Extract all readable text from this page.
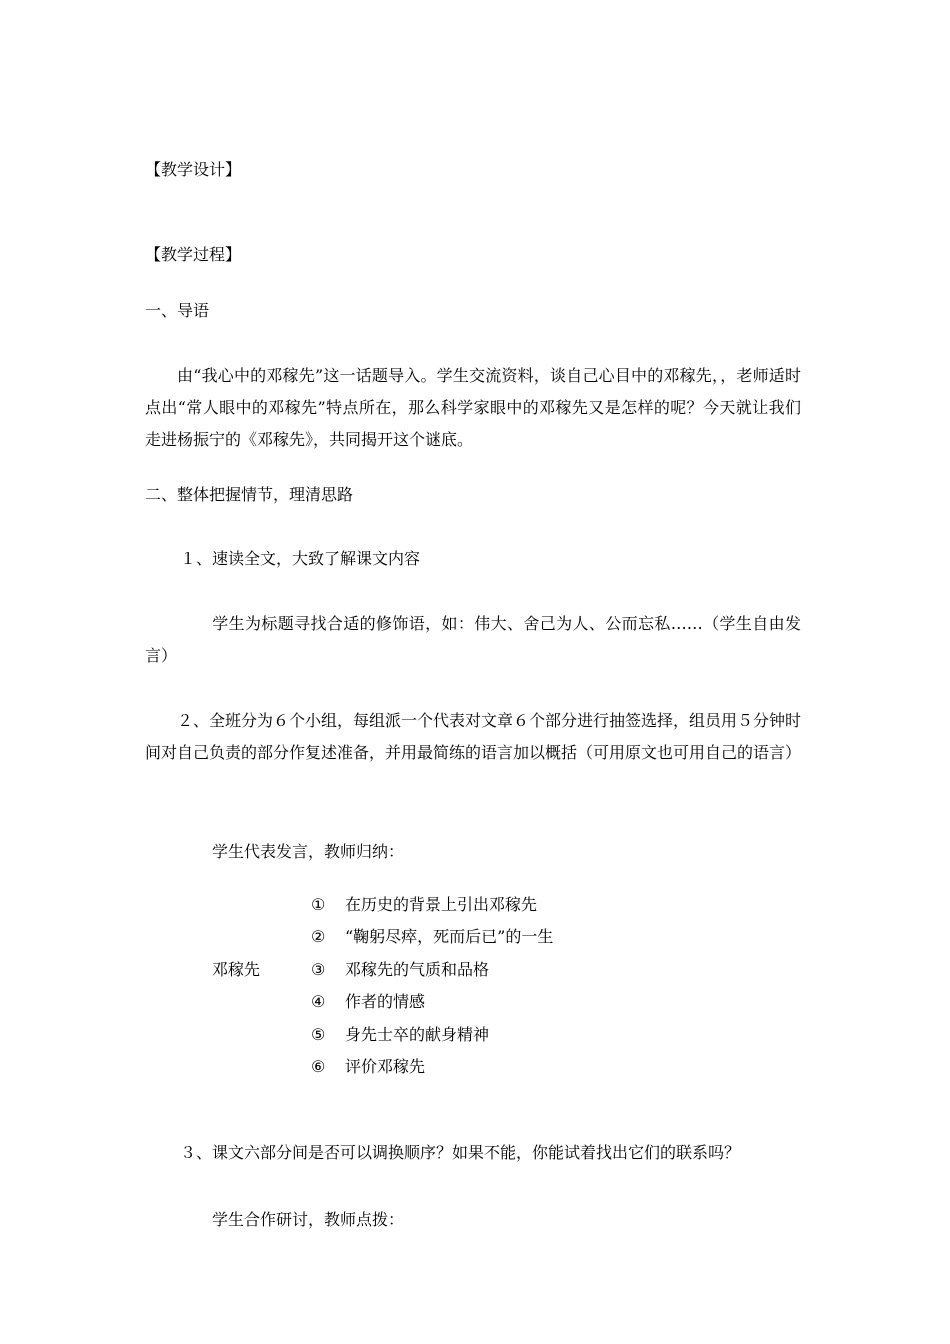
【教学设计】
【教学过程】
一、导语
由“我心中的邓稼先”这一话题导入。学生交流资料，谈自己心目中的邓稼先，，老师适时点出“常人眼中的邓稼先”特点所在，那么科学家眼中的邓稼先又是怎样的呢？今天就让我们走进杨振宁的《邓稼先》，共同揭开这个谜底。
二、整体把握情节，理清思路
１、速读全文，大致了解课文内容
学生为标题寻找合适的修饰语，如：伟大、舍己为人、公而忘私……（学生自由发言）
２、全班分为６个小组，每组派一个代表对文章６个部分进行抽签选择，组员用５分钟时间对自己负责的部分作复述准备，并用最简练的语言加以概括（可用原文也可用自己的语言）
学生代表发言，教师归纳：
邓稼先
① 在历史的背景上引出邓稼先
② “鞠躬尽瘁，死而后已”的一生
③ 邓稼先的气质和品格
④ 作者的情感
⑤ 身先士卒的献身精神
⑥ 评价邓稼先
３、课文六部分间是否可以调换顺序？如果不能，你能试着找出它们的联系吗？
学生合作研讨，教师点拨：
